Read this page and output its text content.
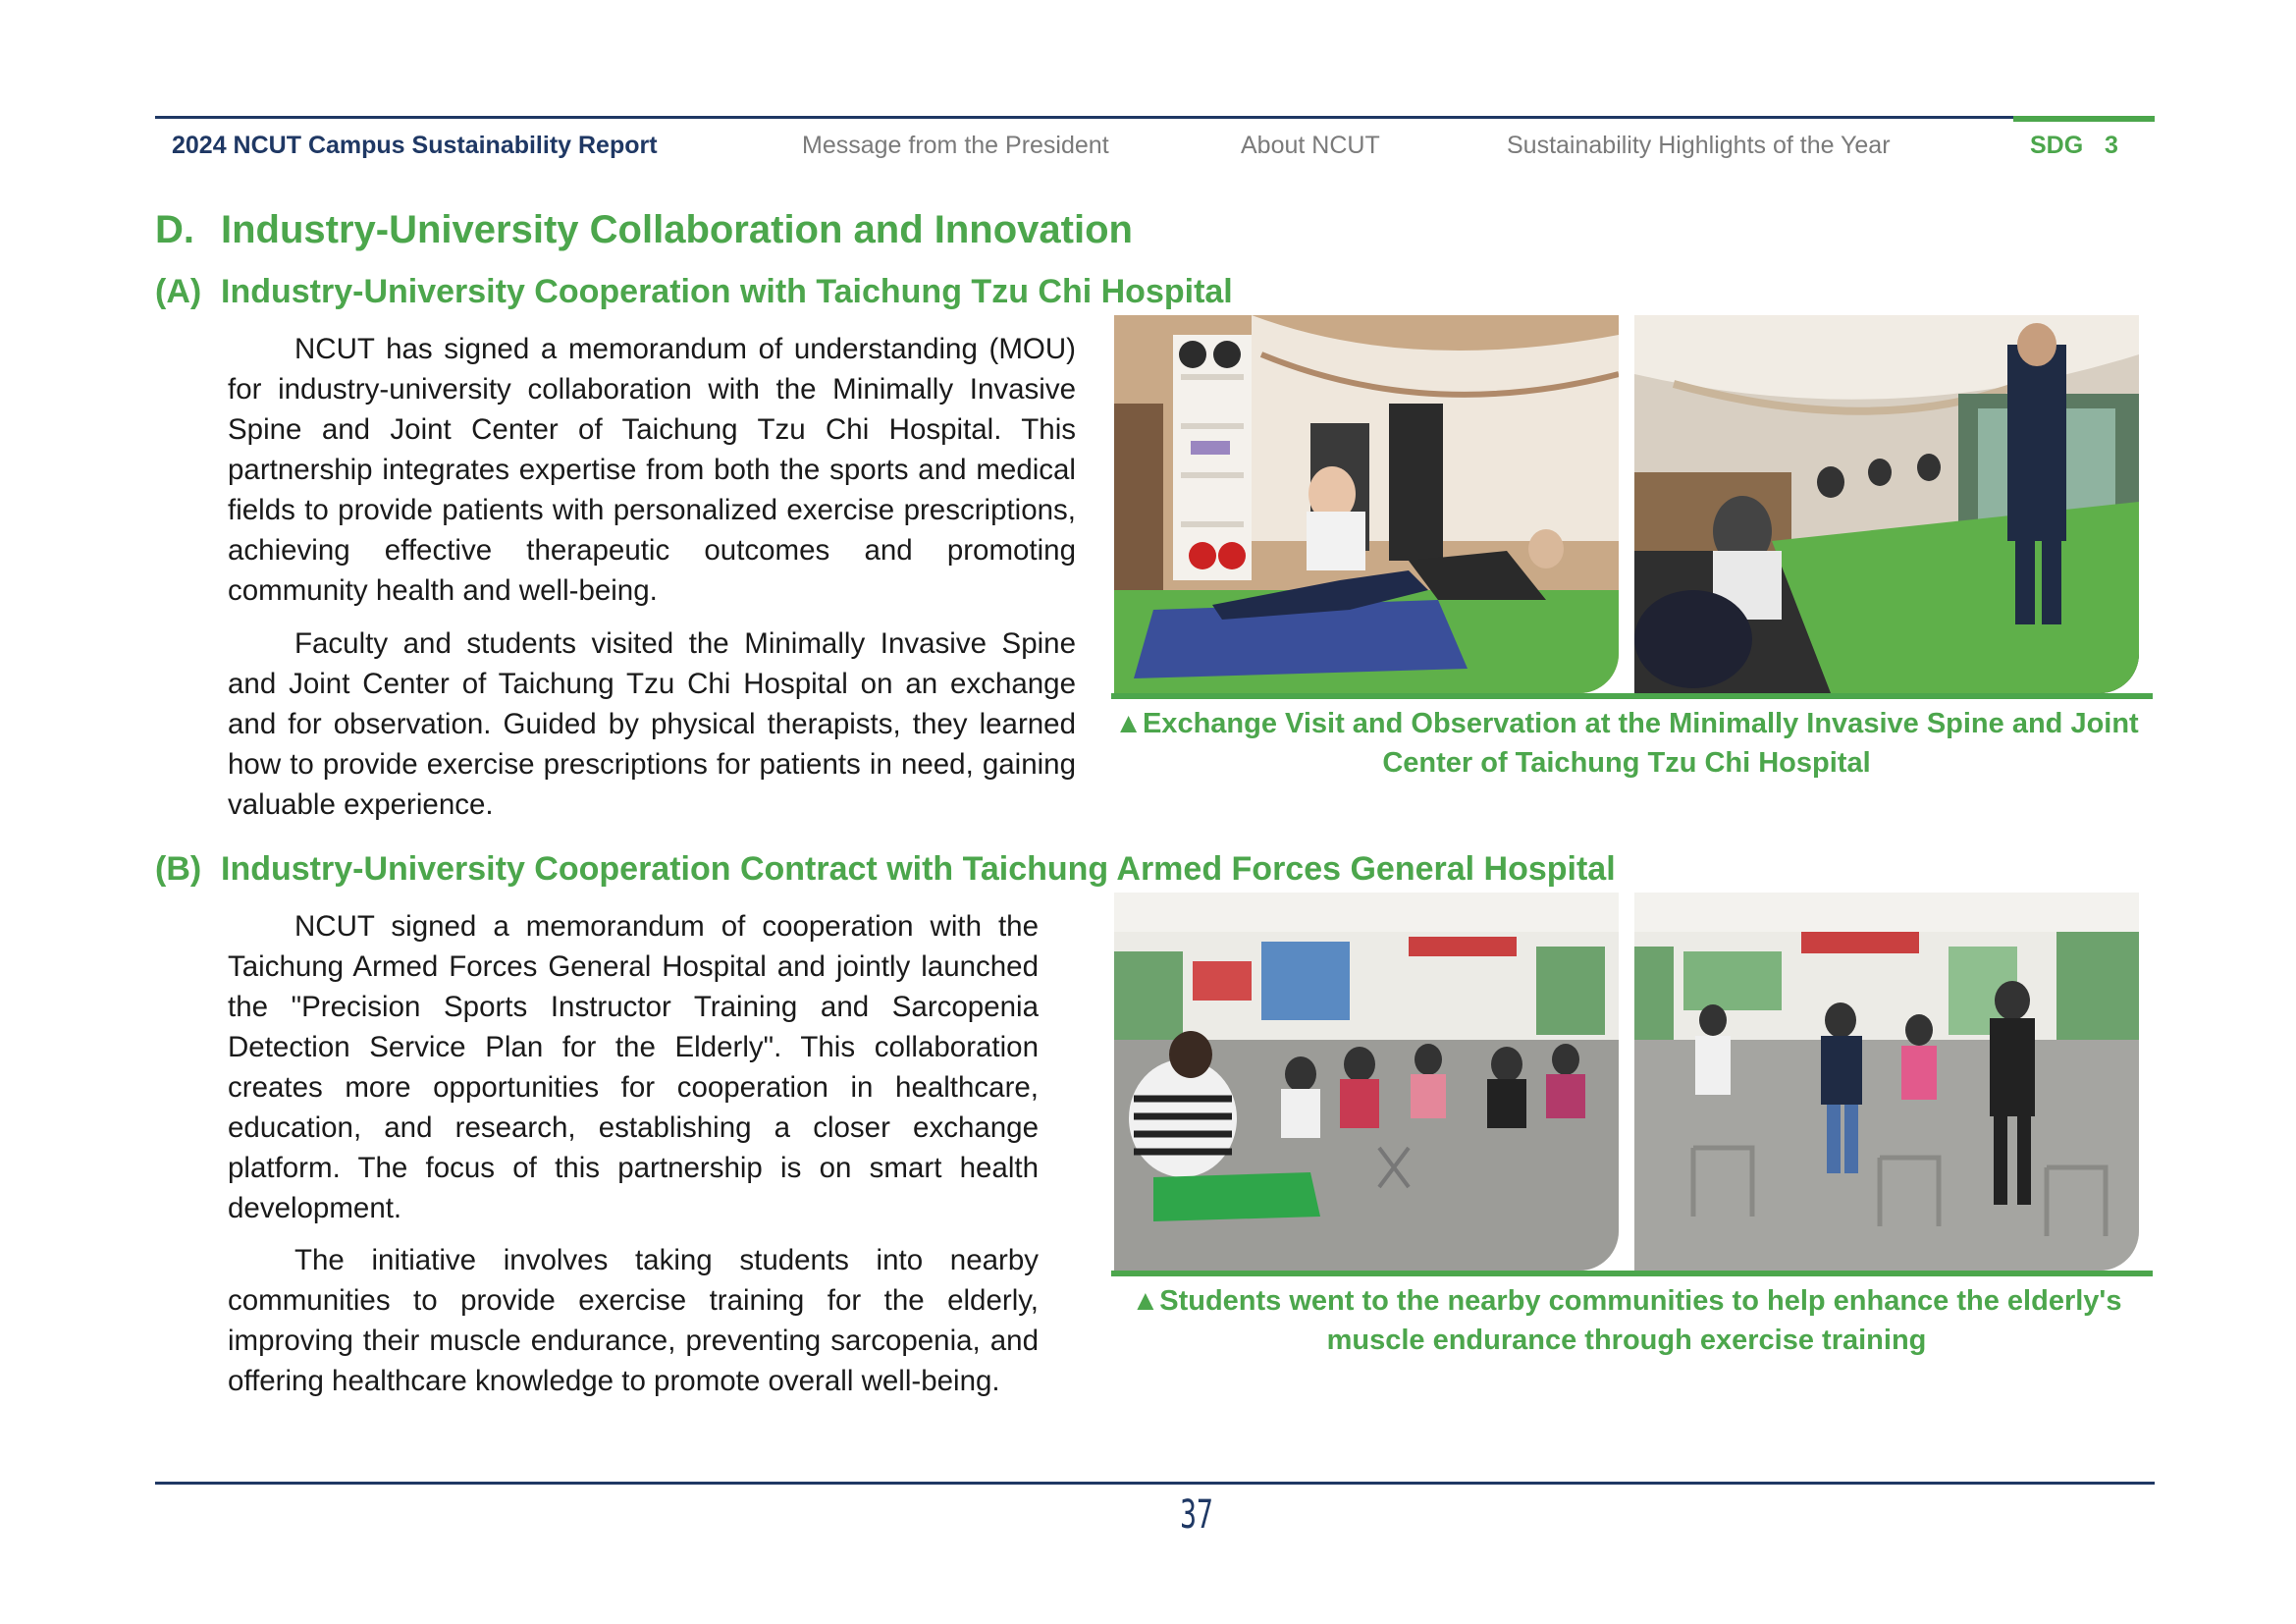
2024 NCUT Campus Sustainability Report	Message from the President	About NCUT	Sustainability Highlights of the Year	SDG 3
D. Industry-University Collaboration and Innovation
(A) Industry-University Cooperation with Taichung Tzu Chi Hospital

NCUT has signed a memorandum of understanding (MOU) for industry-university collaboration with the Minimally Invasive Spine and Joint Center of Taichung Tzu Chi Hospital. This partnership integrates expertise from both the sports and medical fields to provide patients with personalized exercise prescriptions, achieving effective therapeutic outcomes and promoting community health and well-being.

Faculty and students visited the Minimally Invasive Spine and Joint Center of Taichung Tzu Chi Hospital on an exchange and for observation. Guided by physical therapists, they learned how to provide exercise prescriptions for patients in need, gaining valuable experience.

▲Exchange Visit and Observation at the Minimally Invasive Spine and Joint Center of Taichung Tzu Chi Hospital
(B) Industry-University Cooperation Contract with Taichung Armed Forces General Hospital

NCUT signed a memorandum of cooperation with the Taichung Armed Forces General Hospital and jointly launched the "Precision Sports Instructor Training and Sarcopenia Detection Service Plan for the Elderly". This collaboration creates more opportunities for cooperation in healthcare, education, and research, establishing a closer exchange platform. The focus of this partnership is on smart health development.

The initiative involves taking students into nearby communities to provide exercise training for the elderly, improving their muscle endurance, preventing sarcopenia, and offering healthcare knowledge to promote overall well-being.

▲Students went to the nearby communities to help enhance the elderly's muscle endurance through exercise training
37
